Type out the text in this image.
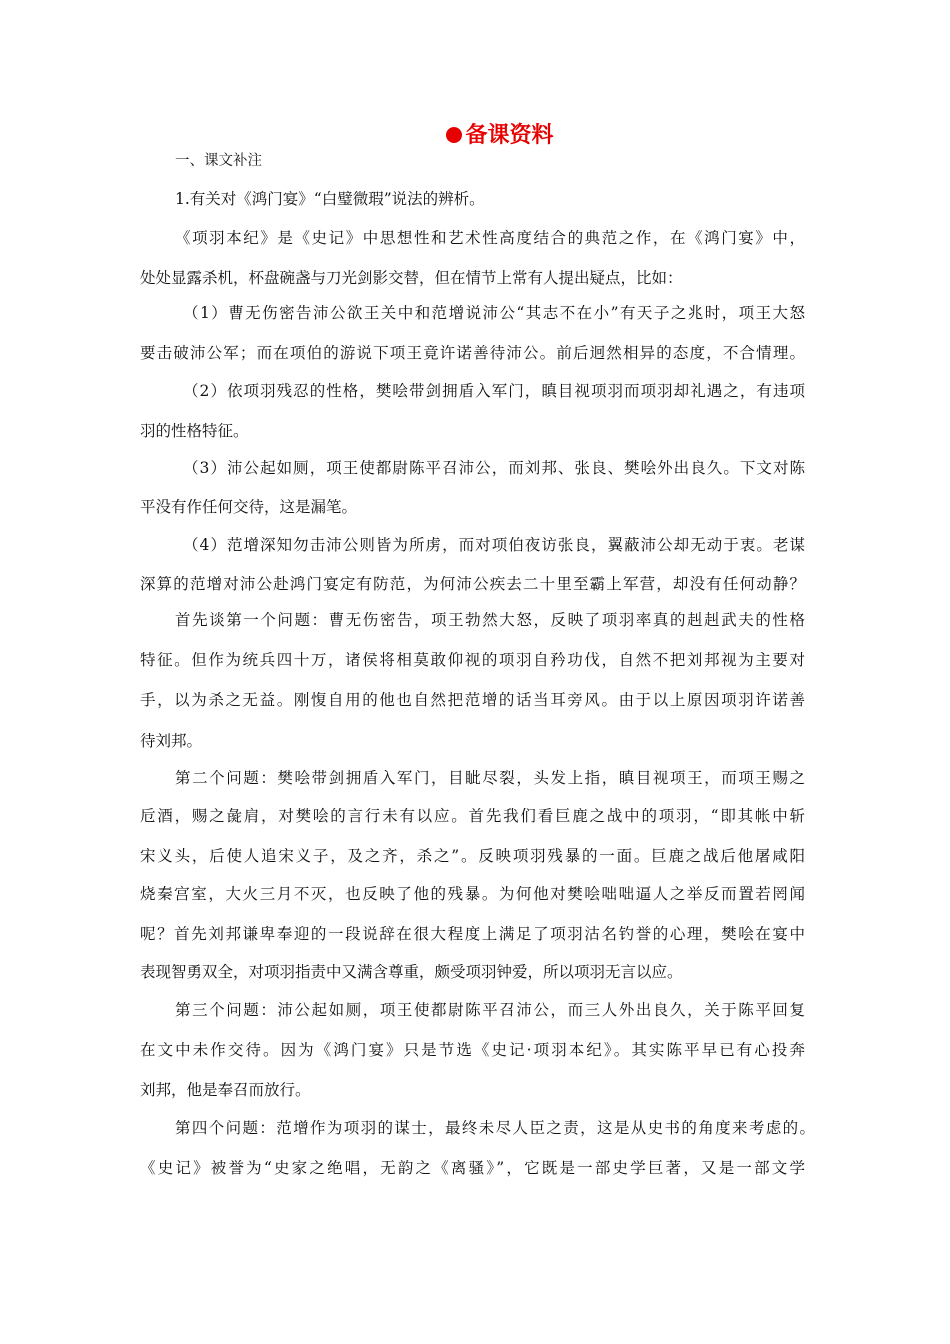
备课资料
一、课文补注
1.有关对《鸿门宴》“白璧微瑕”说法的辨析。
《项羽本纪》是《史记》中思想性和艺术性高度结合的典范之作，在《鸿门宴》中，
处处显露杀机，杯盘碗盏与刀光剑影交替，但在情节上常有人提出疑点，比如：
（1）曹无伤密告沛公欲王关中和范增说沛公“其志不在小”有天子之兆时，项王大怒
要击破沛公军；而在项伯的游说下项王竟许诺善待沛公。前后迥然相异的态度，不合情理。
（2）依项羽残忍的性格，樊哙带剑拥盾入军门，瞋目视项羽而项羽却礼遇之，有违项
羽的性格特征。
（3）沛公起如厕，项王使都尉陈平召沛公，而刘邦、张良、樊哙外出良久。下文对陈
平没有作任何交待，这是漏笔。
（4）范增深知勿击沛公则皆为所虏，而对项伯夜访张良，翼蔽沛公却无动于衷。老谋
深算的范增对沛公赴鸿门宴定有防范，为何沛公疾去二十里至霸上军营，却没有任何动静？
首先谈第一个问题：曹无伤密告，项王勃然大怒，反映了项羽率真的赳赳武夫的性格
特征。但作为统兵四十万，诸侯将相莫敢仰视的项羽自矜功伐，自然不把刘邦视为主要对
手，以为杀之无益。刚愎自用的他也自然把范增的话当耳旁风。由于以上原因项羽许诺善
待刘邦。
第二个问题：樊哙带剑拥盾入军门，目眦尽裂，头发上指，瞋目视项王，而项王赐之
卮酒，赐之彘肩，对樊哙的言行未有以应。首先我们看巨鹿之战中的项羽，“即其帐中斩
宋义头，后使人追宋义子，及之齐，杀之”。反映项羽残暴的一面。巨鹿之战后他屠咸阳
烧秦宫室，大火三月不灭，也反映了他的残暴。为何他对樊哙咄咄逼人之举反而置若罔闻
呢？首先刘邦谦卑奉迎的一段说辞在很大程度上满足了项羽沽名钓誉的心理，樊哙在宴中
表现智勇双全，对项羽指责中又满含尊重，颇受项羽钟爱，所以项羽无言以应。
第三个问题：沛公起如厕，项王使都尉陈平召沛公，而三人外出良久，关于陈平回复
在文中未作交待。因为《鸿门宴》只是节选《史记·项羽本纪》。其实陈平早已有心投奔
刘邦，他是奉召而放行。
第四个问题：范增作为项羽的谋士，最终未尽人臣之责，这是从史书的角度来考虑的。
《史记》被誉为“史家之绝唱，无韵之《离骚》”，它既是一部史学巨著，又是一部文学
